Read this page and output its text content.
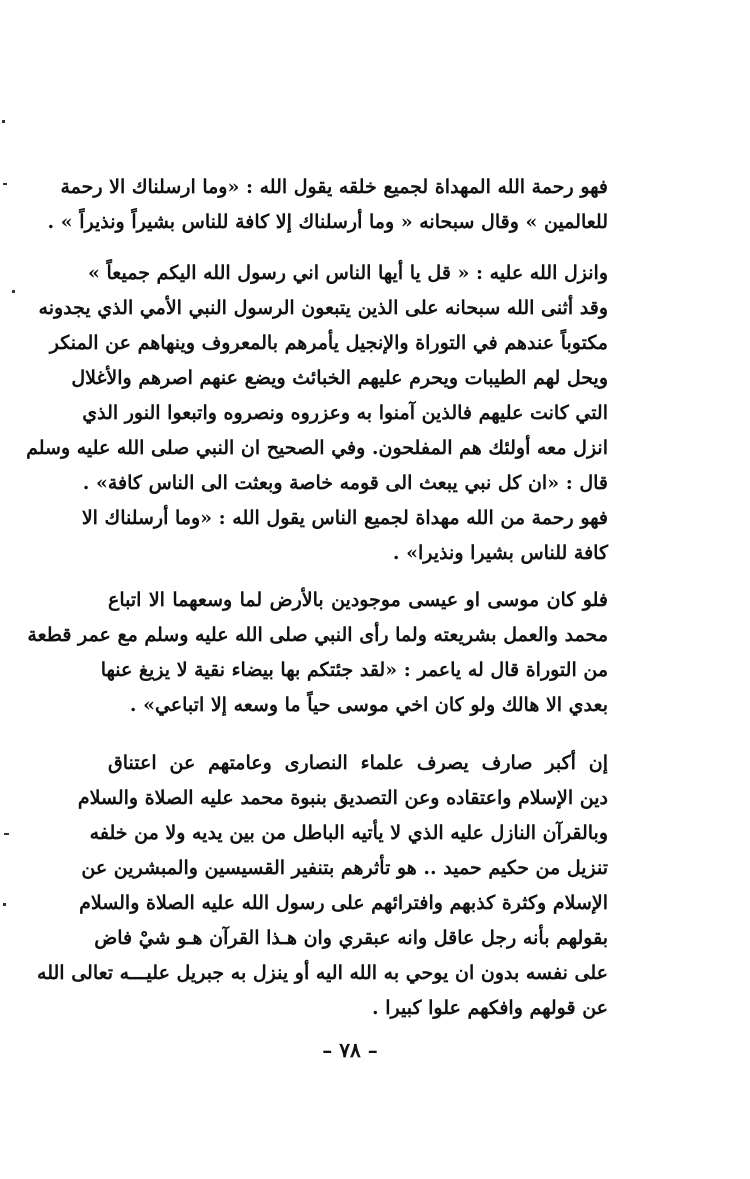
فهو رحمة الله المهداة لجميع خلقه يقول الله : «وما ارسلناك الا رحمة
للعالمين » وقال سبحانه « وما أرسلناك إلا كافة للناس بشيراً ونذيراً » .
وانزل الله عليه : « قل يا أيها الناس اني رسول الله اليكم جميعاً »
وقد أثنى الله سبحانه على الذين يتبعون الرسول النبي الأمي الذي يجدونه
مكتوباً عندهم في التوراة والإنجيل يأمرهم بالمعروف وينهاهم عن المنكر
ويحل لهم الطيبات ويحرم عليهم الخبائث ويضع عنهم اصرهم والأغلال
التي كانت عليهم فالذين آمنوا به وعزروه ونصروه واتبعوا النور الذي
انزل معه أولئك هم المفلحون. وفي الصحيح ان النبي صلى الله عليه وسلم
قال : «ان كل نبي يبعث الى قومه خاصة وبعثت الى الناس كافة» .
فهو رحمة من الله مهداة لجميع الناس يقول الله : «وما أرسلناك الا
كافة للناس بشيرا ونذيرا» .
فلو كان موسى او عيسى موجودين بالأرض لما وسعهما الا اتباع
محمد والعمل بشريعته ولما رأى النبي صلى الله عليه وسلم مع عمر قطعة
من التوراة قال له ياعمر : «لقد جئتكم بها بيضاء نقية لا يزيغ عنها
بعدي الا هالك ولو كان اخي موسى حياً ما وسعه إلا اتباعي» .
إن أكبر صارف يصرف علماء النصارى وعامتهم عن اعتناق
دين الإسلام واعتقاده وعن التصديق بنبوة محمد عليه الصلاة والسلام
وبالقرآن النازل عليه الذي لا يأتيه الباطل من بين يديه ولا من خلفه
تنزيل من حكيم حميد .. هو تأثرهم بتنفير القسيسين والمبشرين عن
الإسلام وكثرة كذبهم وافترائهم على رسول الله عليه الصلاة والسلام
بقولهم بأنه رجل عاقل وانه عبقري وان هـذا القرآن هـو شيْ فاض
على نفسه بدون ان يوحي به الله اليه أو ينزل به جبريل عليـــه تعالى الله
عن قولهم وافكهم علوا كبيرا .
– ٧٨ –
